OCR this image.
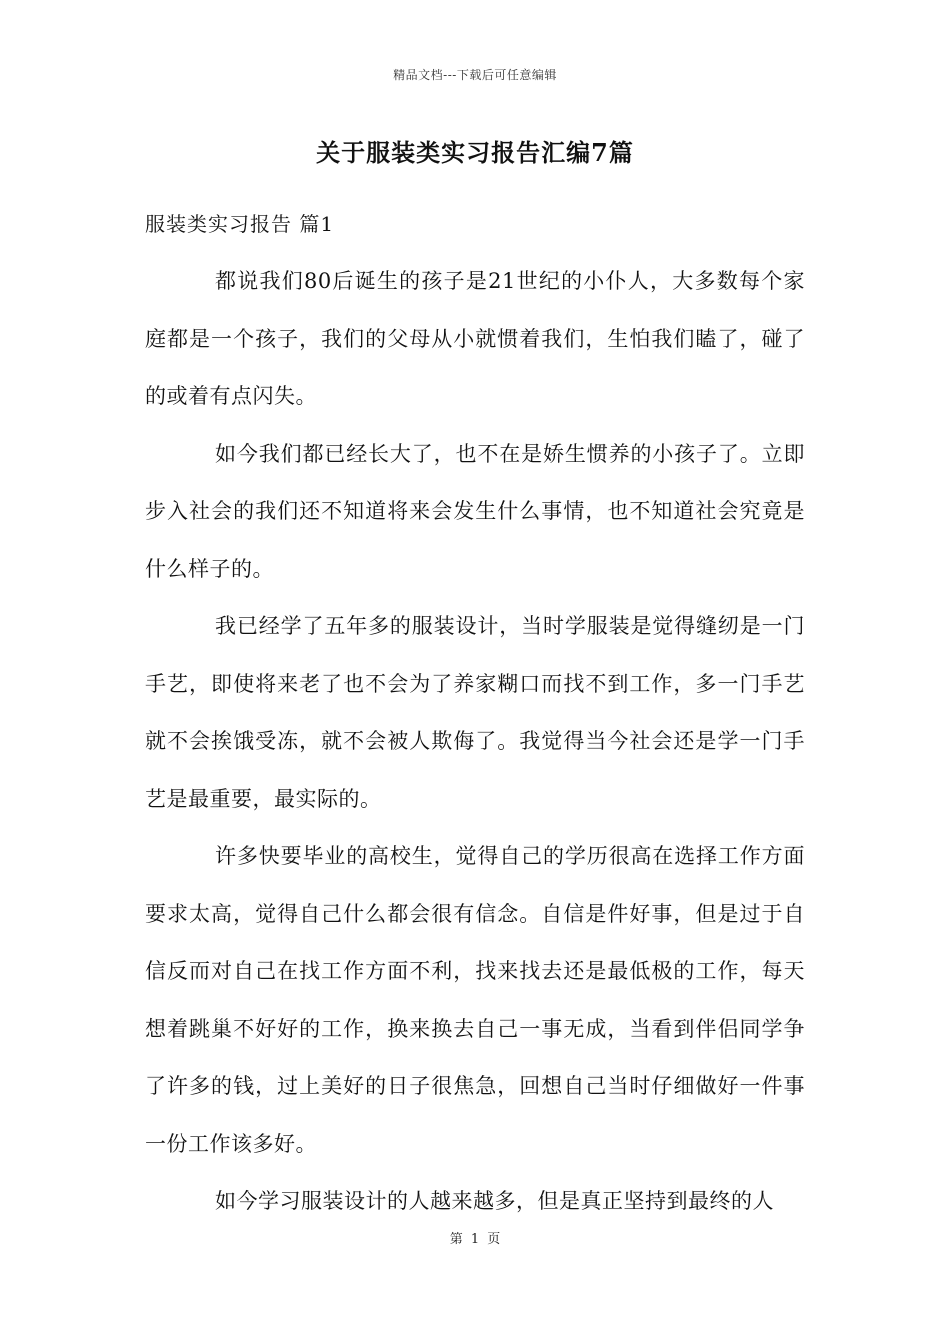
精品文档---下载后可任意编辑
关于服装类实习报告汇编7篇
服装类实习报告 篇1

都说我们80后诞生的孩子是21世纪的小仆人，大多数每个家庭都是一个孩子，我们的父母从小就惯着我们，生怕我们瞌了，碰了的或着有点闪失。

如今我们都已经长大了，也不在是娇生惯养的小孩子了。立即步入社会的我们还不知道将来会发生什么事情，也不知道社会究竟是什么样子的。

我已经学了五年多的服装设计，当时学服装是觉得缝纫是一门手艺，即使将来老了也不会为了养家糊口而找不到工作，多一门手艺就不会挨饿受冻，就不会被人欺侮了。我觉得当今社会还是学一门手艺是最重要，最实际的。

许多快要毕业的高校生，觉得自己的学历很高在选择工作方面要求太高，觉得自己什么都会很有信念。自信是件好事，但是过于自信反而对自己在找工作方面不利，找来找去还是最低极的工作，每天想着跳巢不好好的工作，换来换去自己一事无成，当看到伴侣同学争了许多的钱，过上美好的日子很焦急，回想自己当时仔细做好一件事一份工作该多好。

如今学习服装设计的人越来越多，但是真正坚持到最终的人

第 1 页
